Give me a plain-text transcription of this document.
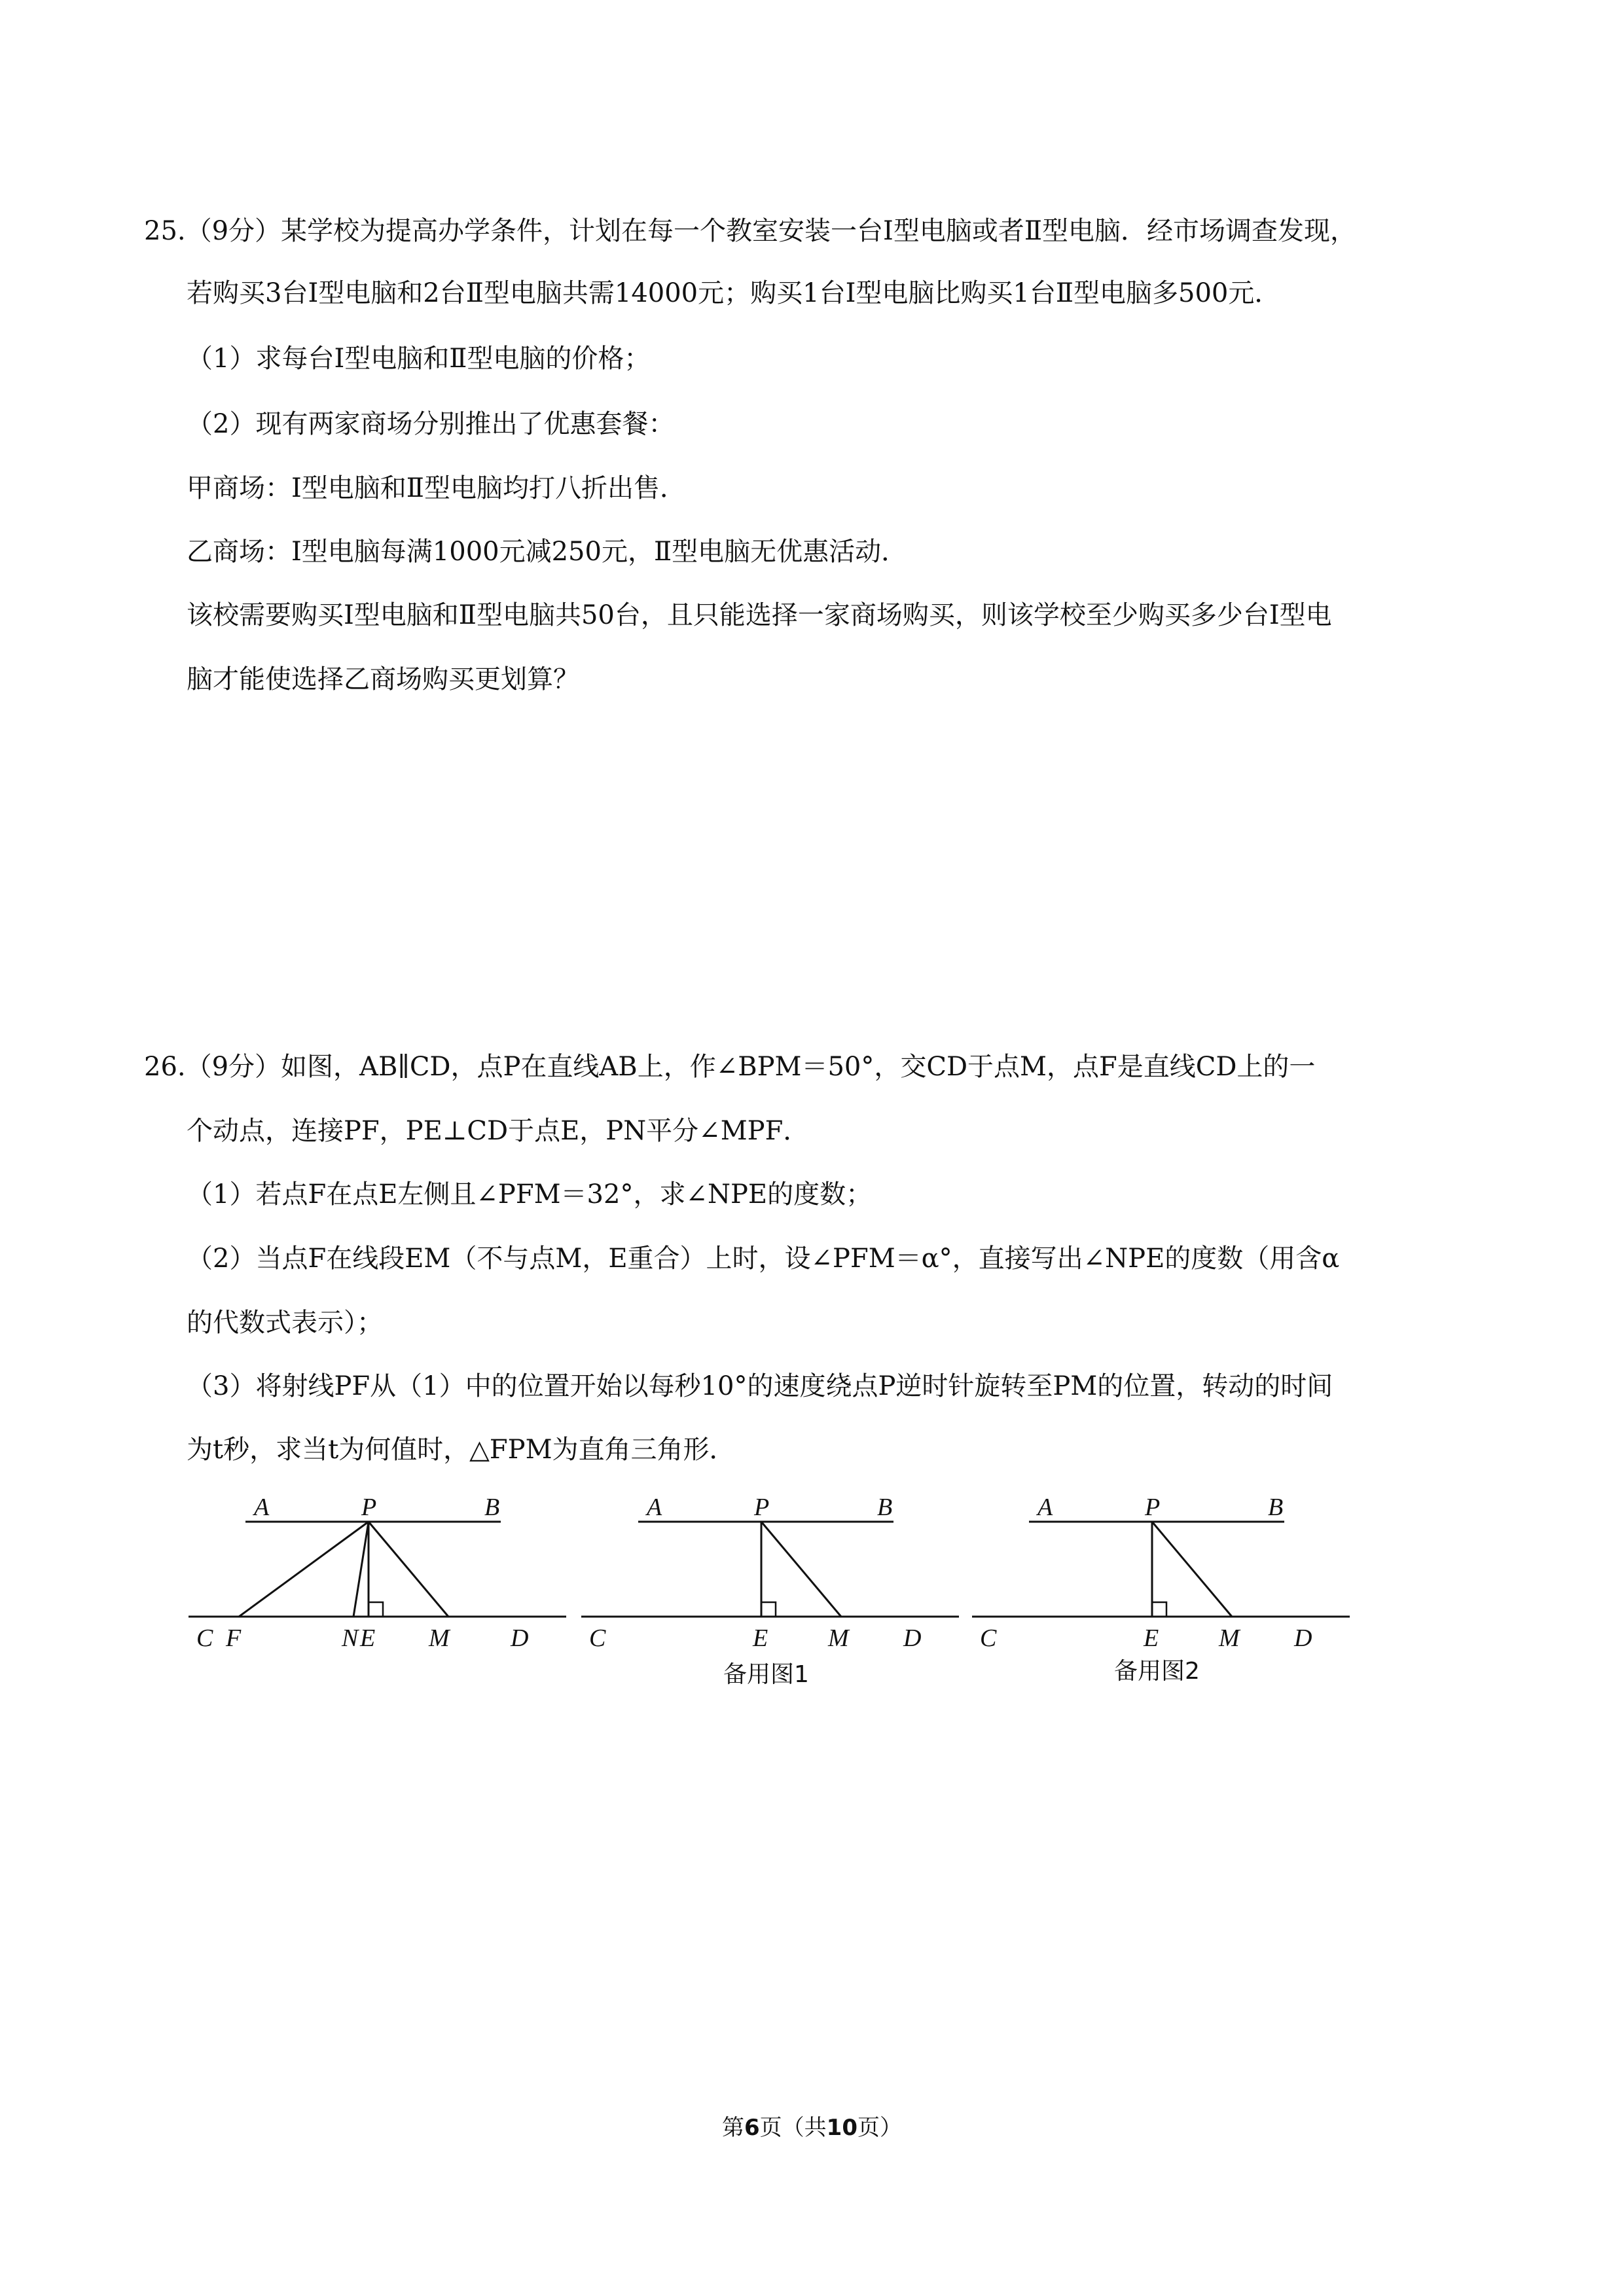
25.（9分）某学校为提高办学条件，计划在每一个教室安装一台Ⅰ型电脑或者Ⅱ型电脑．经市场调查发现，
若购买3台Ⅰ型电脑和2台Ⅱ型电脑共需14000元；购买1台Ⅰ型电脑比购买1台Ⅱ型电脑多500元．
（1）求每台Ⅰ型电脑和Ⅱ型电脑的价格；
（2）现有两家商场分别推出了优惠套餐：
甲商场：Ⅰ型电脑和Ⅱ型电脑均打八折出售．
乙商场：Ⅰ型电脑每满1000元减250元，Ⅱ型电脑无优惠活动．
该校需要购买Ⅰ型电脑和Ⅱ型电脑共50台，且只能选择一家商场购买，则该学校至少购买多少台Ⅰ型电
脑才能使选择乙商场购买更划算？
26.（9分）如图，AB∥CD，点P在直线AB上，作∠BPM＝50°，交CD于点M，点F是直线CD上的一
个动点，连接PF，PE⊥CD于点E，PN平分∠MPF．
（1）若点F在点E左侧且∠PFM＝32°，求∠NPE的度数；
（2）当点F在线段EM（不与点M，E重合）上时，设∠PFM＝α°，直接写出∠NPE的度数（用含α
的代数式表示）；
（3）将射线PF从（1）中的位置开始以每秒10°的速度绕点P逆时针旋转至PM的位置，转动的时间
为t秒，求当t为何值时，△FPM为直角三角形．
A	P	B
C F	N E M D
A	P	B
C	E M D
备用图1
A	P	B
C	E M D
备用图2
第6页（共10页）
